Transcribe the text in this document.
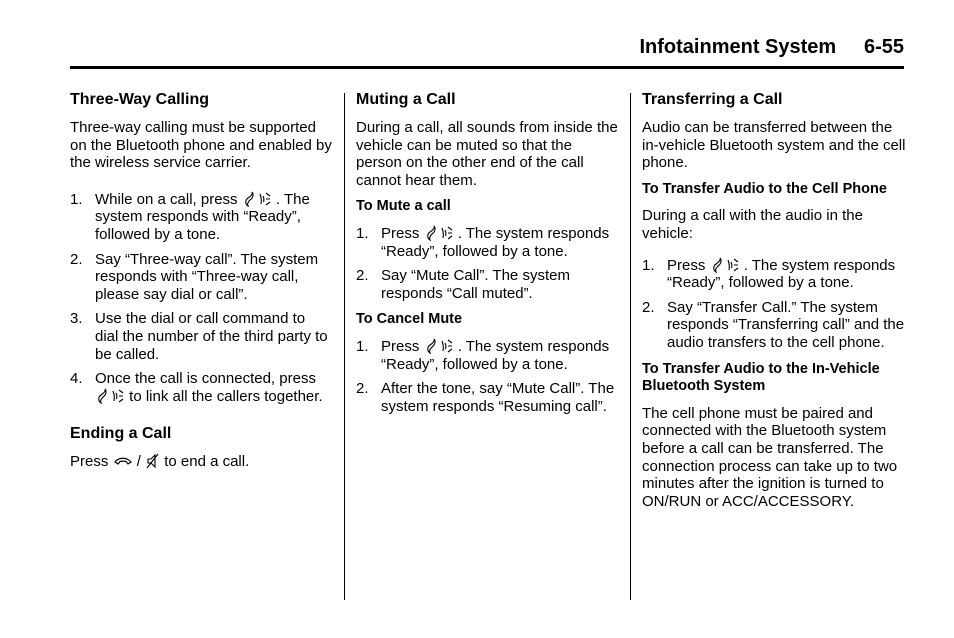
Infotainment System     6-55
Three-Way Calling

Three-way calling must be supported on the Bluetooth phone and enabled by the wireless service carrier.

1. While on a call, press	. The system responds with “Ready”, followed by a tone.
2. Say “Three-way call”. The system responds with “Three-way call, please say dial or call”.
3. Use the dial or call command to dial the number of the third party to be called.
4. Once the call is connected, press
to link all the callers together.
Ending a Call

Press / to end a call.

Muting a Call

During a call, all sounds from inside the vehicle can be muted so that the person on the other end of the call cannot hear them.

To Mute a call
1. Press	. The system responds “Ready”, followed by a tone.
2. Say “Mute Call”. The system responds “Call muted”.
To Cancel Mute
1. Press	. The system responds “Ready”, followed by a tone.
2. After the tone, say “Mute Call”. The system responds “Resuming call”.
Transferring a Call

Audio can be transferred between the in-vehicle Bluetooth system and the cell phone.

To Transfer Audio to the Cell Phone

During a call with the audio in the vehicle:

1. Press	. The system responds “Ready”, followed by a tone.
2. Say “Transfer Call.” The system responds “Transferring call” and the audio transfers to the cell phone.
To Transfer Audio to the In-Vehicle Bluetooth System

The cell phone must be paired and connected with the Bluetooth system before a call can be transferred. The connection process can take up to two minutes after the ignition is turned to ON/RUN or ACC/ACCESSORY.
